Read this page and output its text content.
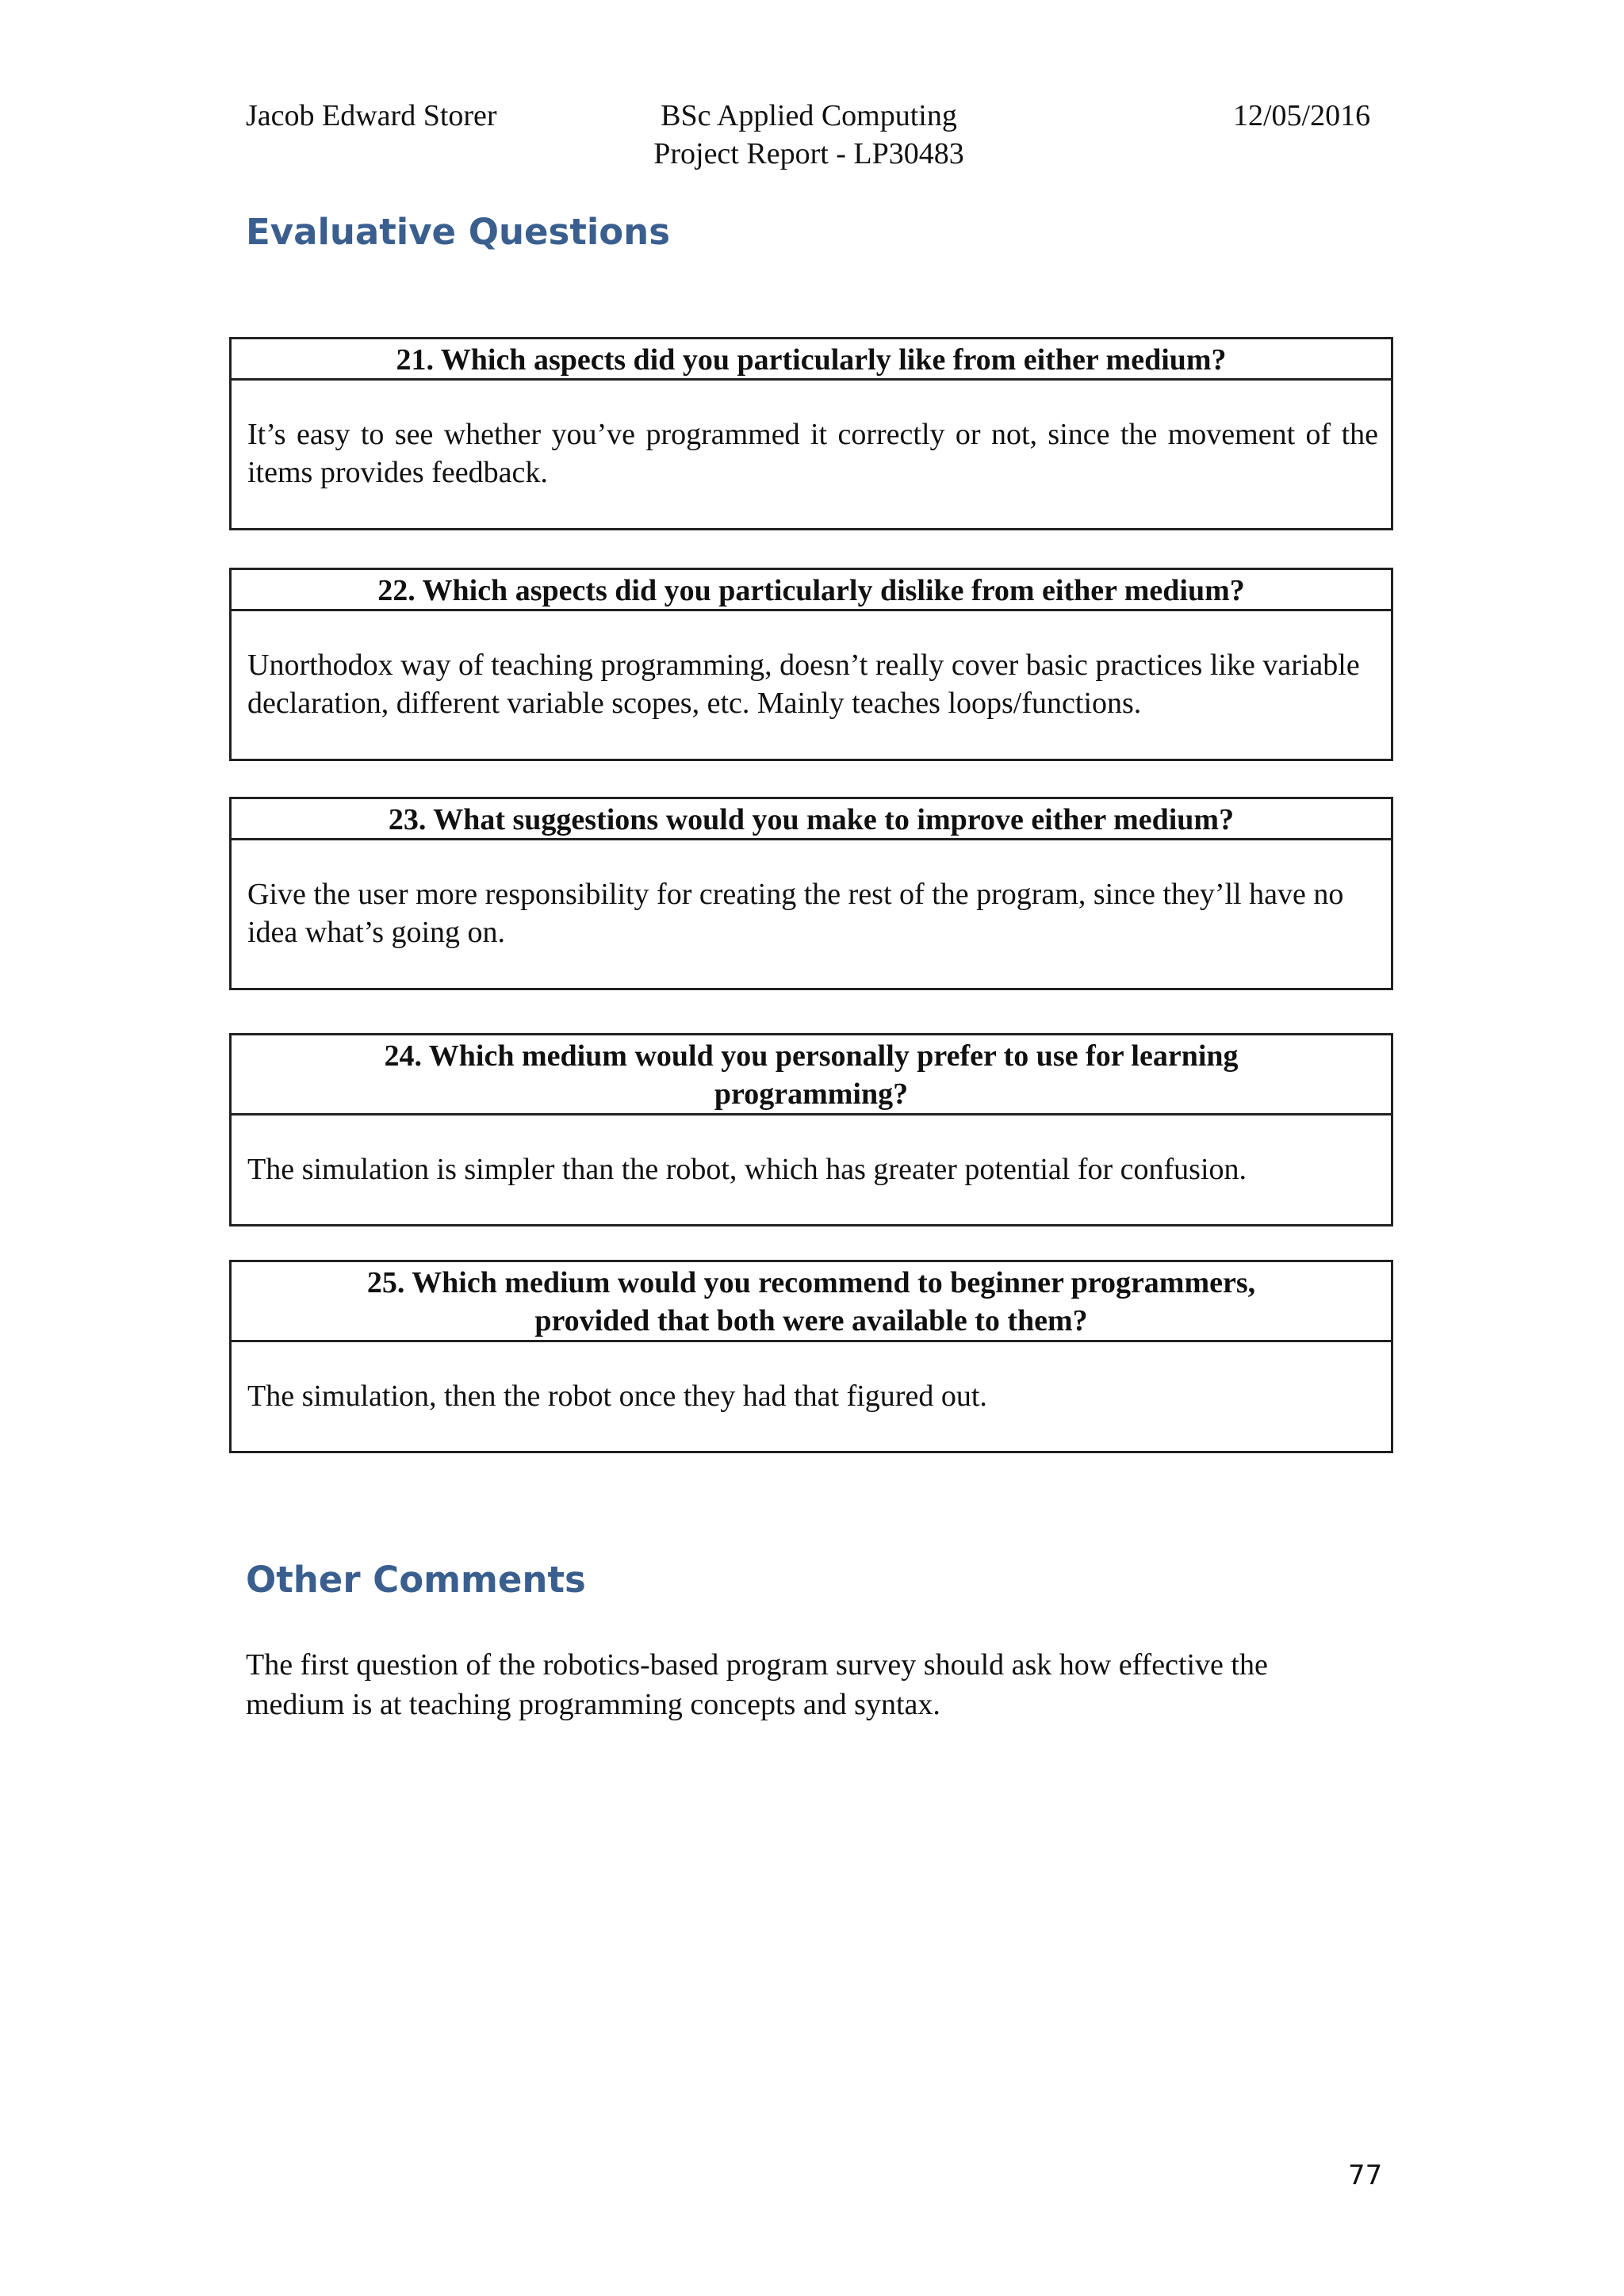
Jacob Edward Storer	BSc Applied Computing
Project Report - LP30483
12/05/2016
Evaluative Questions
21. Which aspects did you particularly like from either medium?
It’s easy to see whether you’ve programmed it correctly or not, since the movement of the items provides feedback.
22. Which aspects did you particularly dislike from either medium?
Unorthodox way of teaching programming, doesn’t really cover basic practices like variable declaration, different variable scopes, etc. Mainly teaches loops/functions.
23. What suggestions would you make to improve either medium?
Give the user more responsibility for creating the rest of the program, since they’ll have no idea what’s going on.
24. Which medium would you personally prefer to use for learning programming?
The simulation is simpler than the robot, which has greater potential for confusion.
25. Which medium would you recommend to beginner programmers, provided that both were available to them?
The simulation, then the robot once they had that figured out.
Other Comments
The first question of the robotics-based program survey should ask how effective the medium is at teaching programming concepts and syntax.
77
